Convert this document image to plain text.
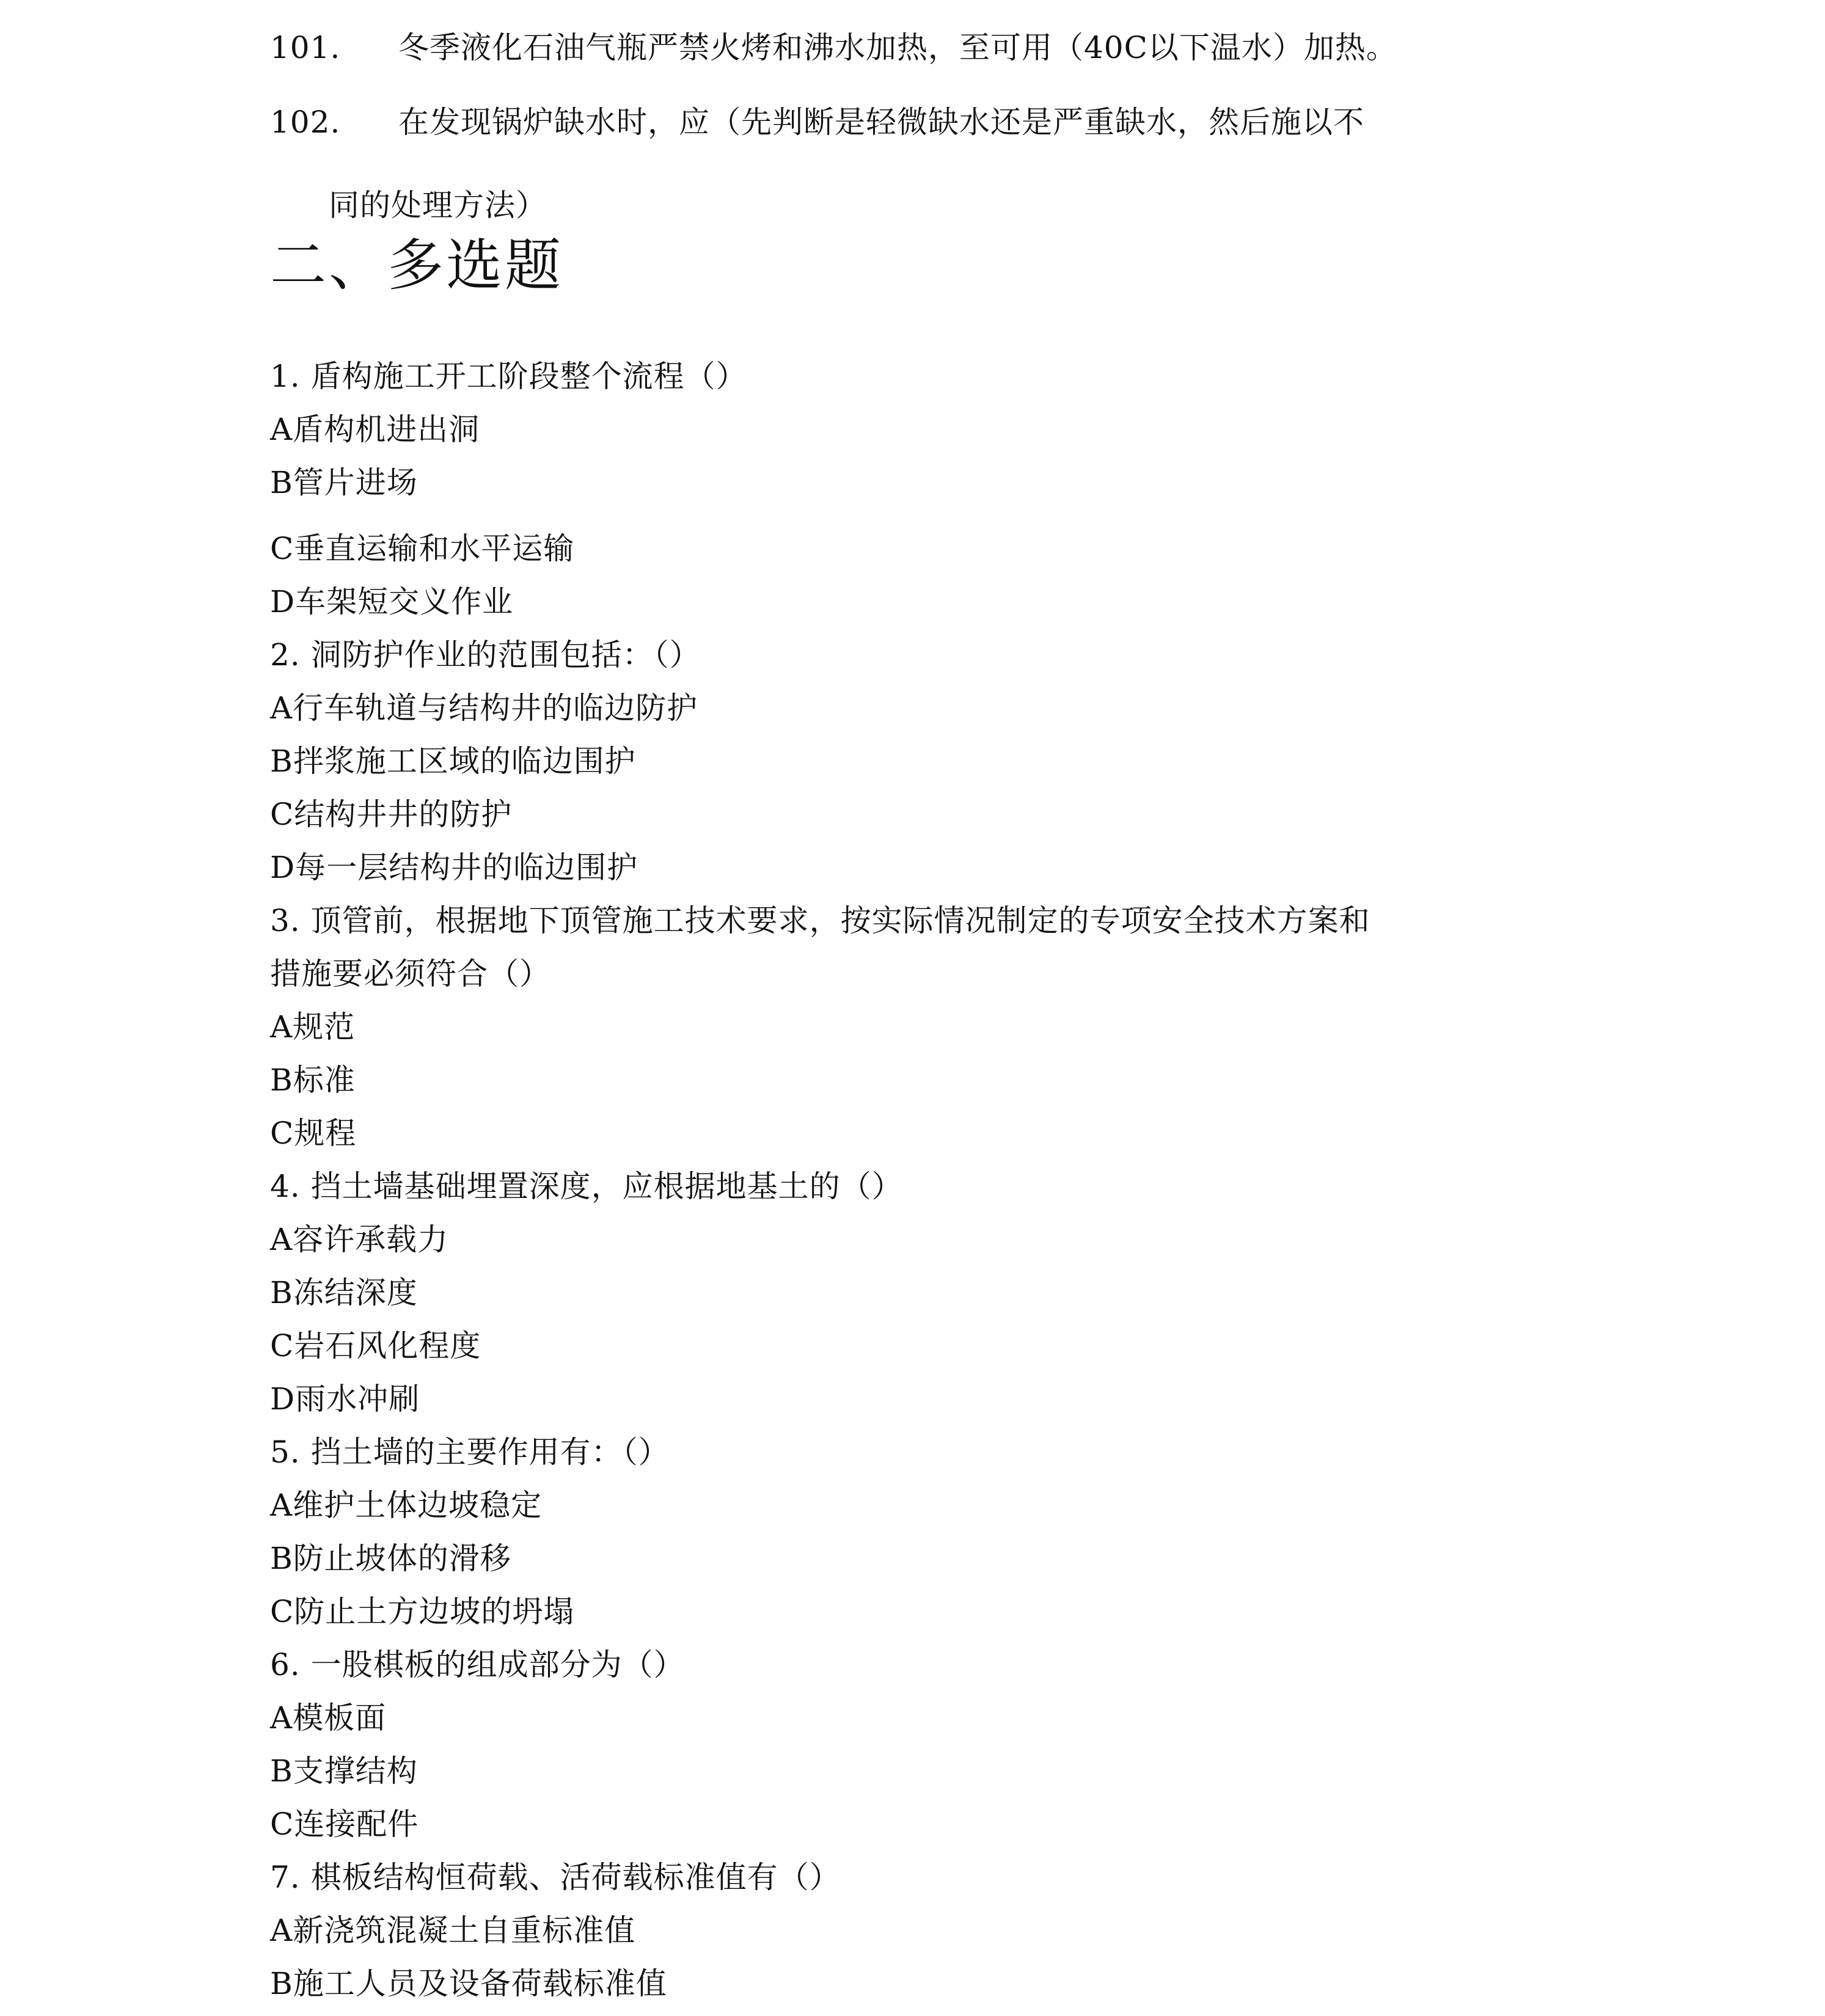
101. 冬季液化石油气瓶严禁火烤和沸水加热，至可用（40C以下温水）加热。
102. 在发现锅炉缺水时，应（先判断是轻微缺水还是严重缺水，然后施以不
同的处理方法）
二、多选题
1. 盾构施工开工阶段整个流程（）
A盾构机进出洞
B管片进场
C垂直运输和水平运输
D车架短交义作业
2. 洞防护作业的范围包括：（）
A行车轨道与结构井的临边防护
B拌浆施工区域的临边围护
C结构井井的防护
D每一层结构井的临边围护
3. 顶管前，根据地下顶管施工技术要求，按实际情况制定的专项安全技术方案和
措施要必须符合（）
A规范
B标准
C规程
4. 挡土墙基础埋置深度，应根据地基土的（）
A容许承载力
B冻结深度
C岩石风化程度
D雨水冲刷
5. 挡土墙的主要作用有：（）
A维护土体边坡稳定
B防止坡体的滑移
C防止土方边坡的坍塌
6. 一股棋板的组成部分为（）
A模板面
B支撑结构
C连接配件
7. 棋板结构恒荷载、活荷载标准值有（）
A新浇筑混凝土自重标准值
B施工人员及设备荷载标准值
